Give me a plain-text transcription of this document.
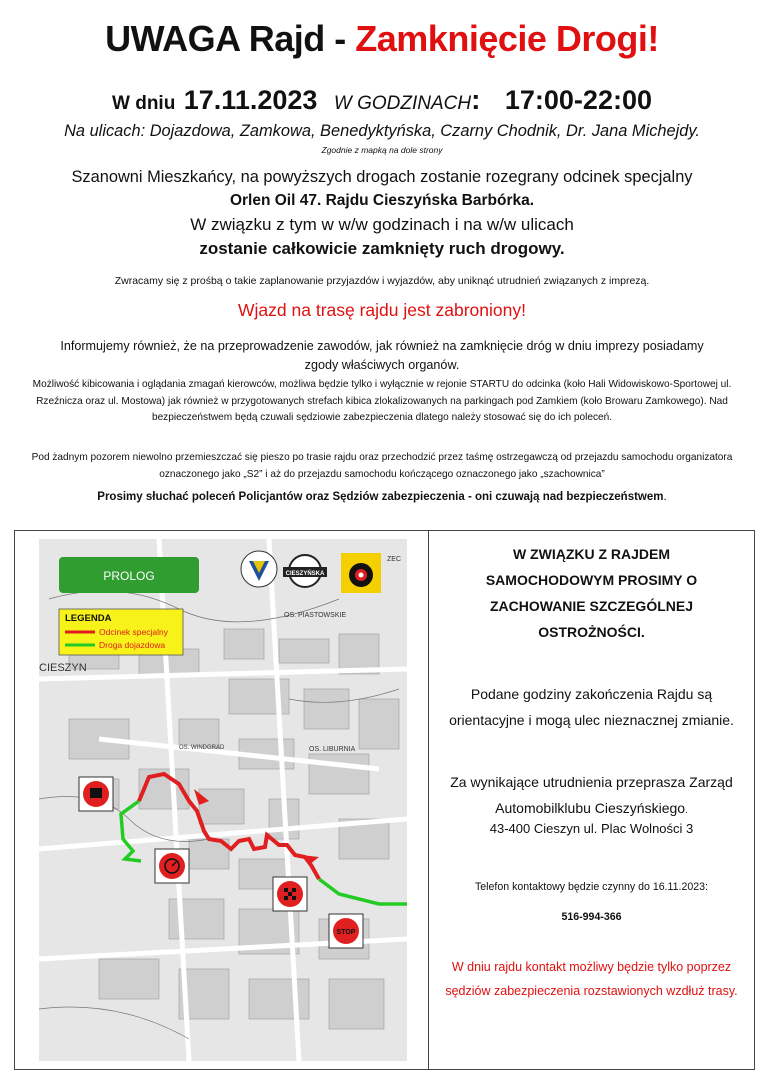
UWAGA Rajd - Zamknięcie Drogi!
W dniu 17.11.2023 W GODZINACH: 17:00-22:00
Na ulicach: Dojazdowa, Zamkowa, Benedyktyńska, Czarny Chodnik, Dr. Jana Michejdy.
Zgodnie z mapką na dole strony
Szanowni Mieszkańcy, na powyższych drogach zostanie rozegrany odcinek specjalny
Orlen Oil 47. Rajdu Cieszyńska Barbórka.
W związku z tym w w/w godzinach i na w/w ulicach
zostanie całkowicie zamknięty ruch drogowy.
Zwracamy się z prośbą o takie zaplanowanie przyjazdów i wyjazdów, aby uniknąć utrudnień związanych z imprezą.
Wjazd na trasę rajdu jest zabroniony!
Informujemy również, że na przeprowadzenie zawodów, jak również na zamknięcie dróg w dniu imprezy posiadamy zgody właściwych organów.
Możliwość kibicowania i oglądania zmagań kierowców, możliwa będzie tylko i wyłącznie w rejonie STARTU do odcinka (koło Hali Widowiskowo-Sportowej ul. Rzeźnicza oraz ul. Mostowa) jak również w przygotowanych strefach kibica zlokalizowanych na parkingach pod Zamkiem (koło Browaru Zamkowego). Nad bezpieczeństwem będą czuwali sędziowie zabezpieczenia dlatego należy stosować się do ich poleceń.
Pod żadnym pozorem niewolno przemieszczać się pieszo po trasie rajdu oraz przechodzić przez taśmę ostrzegawczą od przejazdu samochodu organizatora oznaczonego jako „S2” i aż do przejazdu samochodu kończącego oznaczonego jako „szachownica”
Prosimy słuchać poleceń Policjantów oraz Sędziów zabezpieczenia - oni czuwają nad bezpieczeństwem.
PROLOG	CIESZYŃSKA
LEGENDA
Odcinek specjalny
Droga dojazdowa
CIESZYN
OS. PIASTOWSKIE
OS. LIBURNIA
OS. WINDGRAD
ZEC
STOP
W ZWIĄZKU Z RAJDEM
SAMOCHODOWYM PROSIMY O
ZACHOWANIE SZCZEGÓLNEJ
OSTROŻNOŚCI.
Podane godziny zakończenia Rajdu są
orientacyjne i mogą ulec nieznacznej zmianie.
Za wynikające utrudnienia przeprasza Zarząd
Automobilklubu Cieszyńskiego.
43-400 Cieszyn ul. Plac Wolności 3
Telefon kontaktowy będzie czynny do 16.11.2023:
516-994-366
W dniu rajdu kontakt możliwy będzie tylko poprzez
sędziów zabezpieczenia rozstawionych wzdłuż trasy.
